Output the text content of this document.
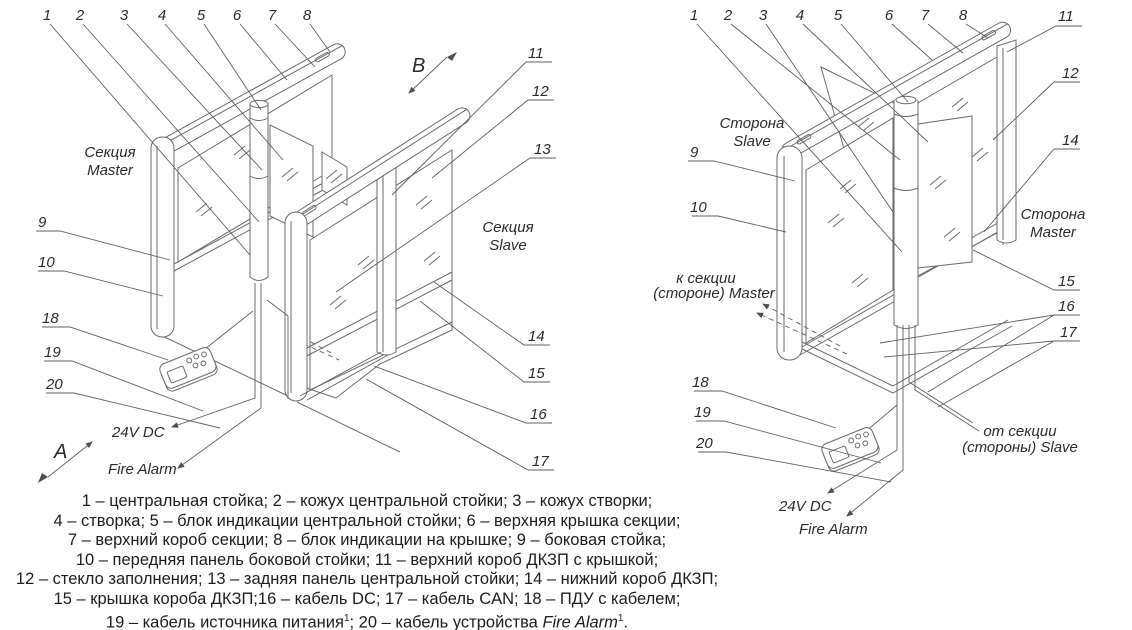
1 2 3 4 5 6 7 8
9
10
18
19
20
11
12
13
14
15
16
17
Секция
Master
Секция
Slave
B
A
24V DC
Fire Alarm
1 2 3 4 5	6 7 8	11
12
14
15
16
17
9
10
18
19
20
Сторона
Slave
Сторона
Master
к секции
(стороне) Master
от секции
(стороны) Slave
24V DC
Fire Alarm
1 – центральная стойка; 2 – кожух центральной стойки; 3 – кожух створки;
4 – створка; 5 – блок индикации центральной стойки; 6 – верхняя крышка секции;
7 – верхний короб секции; 8 – блок индикации на крышке; 9 – боковая стойка;
10 – передняя панель боковой стойки; 11 – верхний короб ДКЗП с крышкой;
12 – стекло заполнения; 13 – задняя панель центральной стойки; 14 – нижний короб ДКЗП;
15 – крышка короба ДКЗП;16 – кабель DC; 17 – кабель CAN; 18 – ПДУ с кабелем;
19 – кабель источника питания$^1$; 20 – кабель устройства Fire Alarm$^1$.
